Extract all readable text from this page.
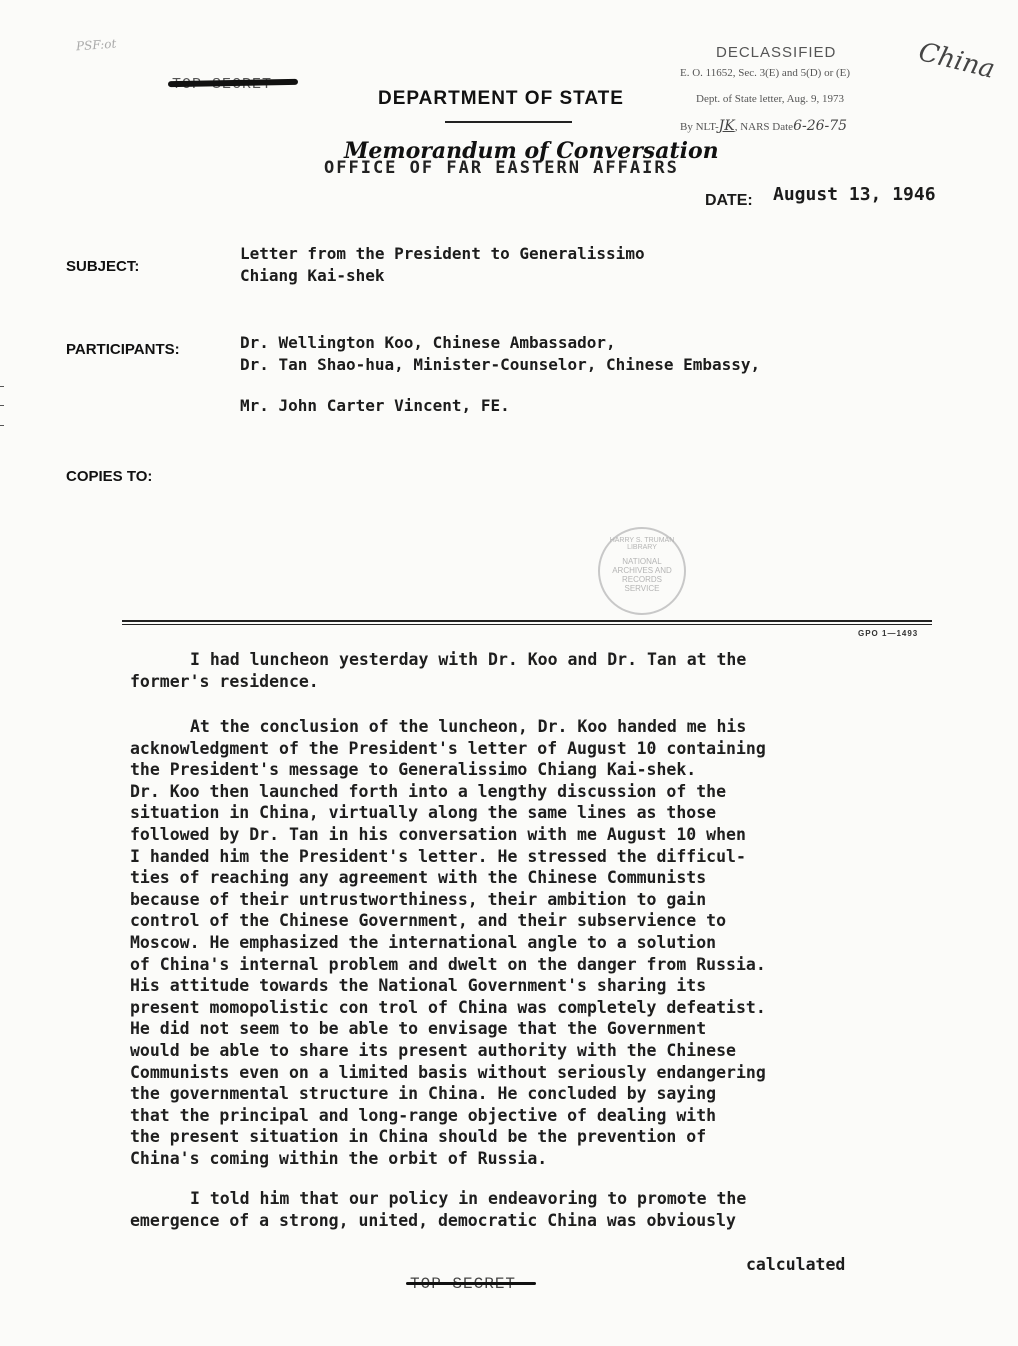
PSF:ot
DEPARTMENT OF STATE
OFFICE OF FAR EASTERN AFFAIRS
Memorandum of Conversation
DECLASSIFIED
E. O. 11652, Sec. 3(E) and 5(D) or (E)
Dept. of State letter, Aug. 9, 1973
By NLT-JK, NARS Date6-26-75
China
DATE: August 13, 1946
SUBJECT:
Letter from the President to Generalissimo
Chiang Kai-shek
PARTICIPANTS:	Dr. Wellington Koo, Chinese Ambassador,
Dr. Tan Shao-hua, Minister-Counselor, Chinese Embassy,
Mr. John Carter Vincent, FE.
COPIES TO:
HARRY S. TRUMAN LIBRARY
NATIONAL
ARCHIVES AND
RECORDS
SERVICE
GPO 1—1493
I had luncheon yesterday with Dr. Koo and Dr. Tan at the
former's residence.
At the conclusion of the luncheon, Dr. Koo handed me his
acknowledgment of the President's letter of August 10 containing
the President's message to Generalissimo Chiang Kai-shek.
Dr. Koo then launched forth into a lengthy discussion of the
situation in China, virtually along the same lines as those
followed by Dr. Tan in his conversation with me August 10 when
I handed him the President's letter. He stressed the difficul-
ties of reaching any agreement with the Chinese Communists
because of their untrustworthiness, their ambition to gain
control of the Chinese Government, and their subservience to
Moscow. He emphasized the international angle to a solution
of China's internal problem and dwelt on the danger from Russia.
His attitude towards the National Government's sharing its
present momopolistic con trol of China was completely defeatist.
He did not seem to be able to envisage that the Government
would be able to share its present authority with the Chinese
Communists even on a limited basis without seriously endangering
the governmental structure in China. He concluded by saying
that the principal and long-range objective of dealing with
the present situation in China should be the prevention of
China's coming within the orbit of Russia.
I told him that our policy in endeavoring to promote the
emergence of a strong, united, democratic China was obviously
calculated
